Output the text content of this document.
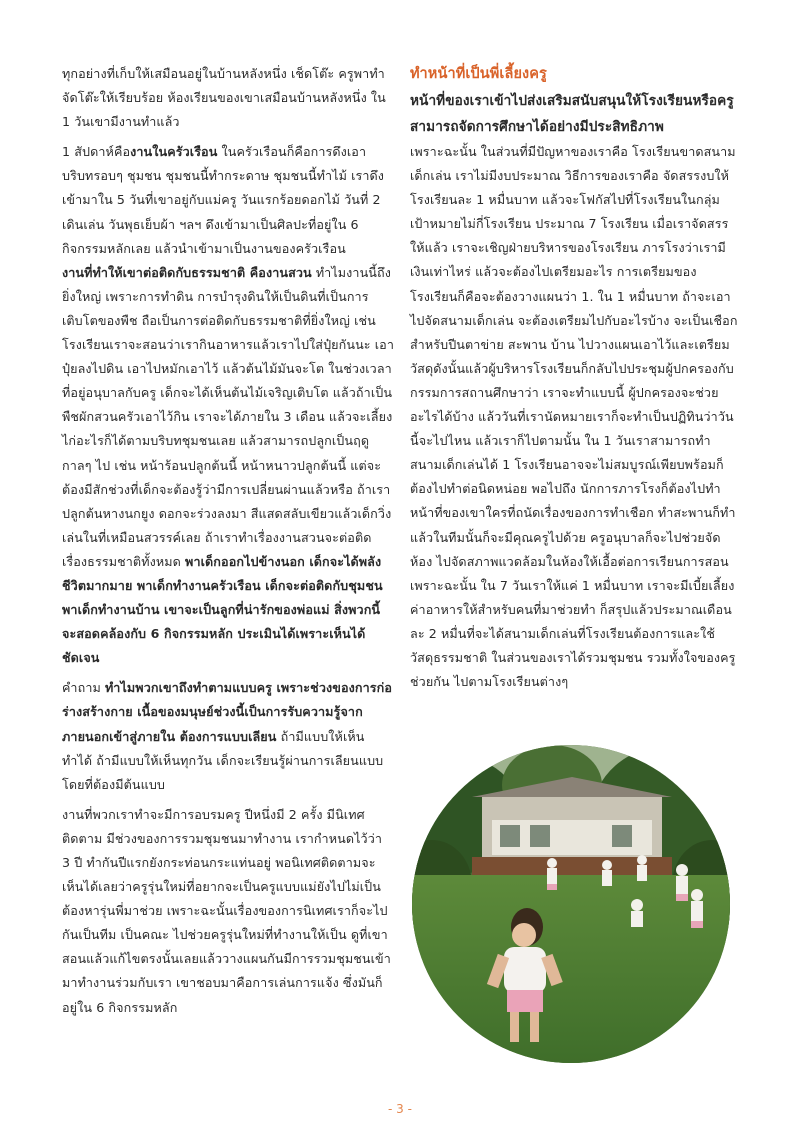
ทุกอย่างที่เก็บให้เสมือนอยู่ในบ้านหลังหนึ่ง เช็ดโต๊ะ ครูพาทำจัดโต๊ะให้เรียบร้อย ห้องเรียนของเขาเสมือนบ้านหลังหนึ่ง ใน 1 วันเขามีงานทำแล้ว

1 สัปดาห์คืองานในครัวเรือน ในครัวเรือนก็คือการดึงเอาบริบทรอบๆ ชุมชน ชุมชนนี้ทำกระดาษ ชุมชนนี้ทำไม้ เราดึงเข้ามาใน 5 วันที่เขาอยู่กับแม่ครู วันแรกร้อยดอกไม้ วันที่ 2 เดินเล่น วันพุธเย็บผ้า ฯลฯ ดึงเข้ามาเป็นศิลปะที่อยู่ใน 6 กิจกรรมหลักเลย แล้วนำเข้ามาเป็นงานของครัวเรือน

งานที่ทำให้เขาต่อติดกับธรรมชาติ คืองานสวน ทำไมงานนี้ถึงยิ่งใหญ่ เพราะการทำดิน การบำรุงดินให้เป็นดินที่เป็นการเติบโตของพืช ถือเป็นการต่อติดกับธรรมชาติที่ยิ่งใหญ่ เช่น โรงเรียนเราจะสอนว่าเรากินอาหารแล้วเราไปใส่ปุ๋ยกันนะ เอาปุ๋ยลงไปดิน เอาไปหมักเอาไว้ แล้วต้นไม้มันจะโต ในช่วงเวลาที่อยู่อนุบาลกับครู เด็กจะได้เห็นต้นไม้เจริญเติบโต แล้วถ้าเป็นพืชผักสวนครัวเอาไว้กิน เราจะได้ภายใน 3 เดือน แล้วจะเลี้ยงไก่อะไรก็ได้ตามบริบทชุมชนเลย แล้วสามารถปลูกเป็นฤดูกาลๆ ไป เช่น หน้าร้อนปลูกต้นนี้ หน้าหนาวปลูกต้นนี้ แต่จะต้องมีสักช่วงที่เด็กจะต้องรู้ว่ามีการเปลี่ยนผ่านแล้วหรือ ถ้าเราปลูกต้นหางนกยูง ดอกจะร่วงลงมา สีแสดสลับเขียวแล้วเด็กวิ่งเล่นในที่เหมือนสวรรค์เลย ถ้าเราทำเรื่องงานสวนจะต่อติดเรื่องธรรมชาติทั้งหมด พาเด็กออกไปข้างนอก เด็กจะได้พลังชีวิตมากมาย พาเด็กทำงานครัวเรือน เด็กจะต่อติดกับชุมชน พาเด็กทำงานบ้าน เขาจะเป็นลูกที่น่ารักของพ่อแม่ สิ่งพวกนี้จะสอดคล้องกับ 6 กิจกรรมหลัก ประเมินได้เพราะเห็นได้ชัดเจน

คำถาม ทำไมพวกเขาถึงทำตามแบบครู เพราะช่วงของการก่อร่างสร้างกาย เนื้อของมนุษย์ช่วงนี้เป็นการรับความรู้จากภายนอกเข้าสู่ภายใน ต้องการแบบเลียน ถ้ามีแบบให้เห็นทำได้ ถ้ามีแบบให้เห็นทุกวัน เด็กจะเรียนรู้ผ่านการเลียนแบบ โดยที่ต้องมีต้นแบบ

งานที่พวกเราทำจะมีการอบรมครู ปีหนึ่งมี 2 ครั้ง มีนิเทศติดตาม มีช่วงของการรวมชุมชนมาทำงาน เรากำหนดไว้ว่า 3 ปี ทำกันปีแรกยังกระท่อนกระแท่นอยู่ พอนิเทศติดตามจะเห็นได้เลยว่าครูรุ่นใหม่ที่อยากจะเป็นครูแบบแม่ยังไปไม่เป็น ต้องหารุ่นพี่มาช่วย เพราะฉะนั้นเรื่องของการนิเทศเราก็จะไปกันเป็นทีม เป็นคณะ ไปช่วยครูรุ่นใหม่ที่ทำงานให้เป็น ดูที่เขาสอนแล้วแก้ไขตรงนั้นเลยแล้ววางแผนกันมีการรวมชุมชนเข้ามาทำงานร่วมกับเรา เขาชอบมาคือการเล่นการแจ้ง ซึ่งมันก็อยู่ใน 6 กิจกรรมหลัก

ทำหน้าที่เป็นพี่เลี้ยงครู

หน้าที่ของเราเข้าไปส่งเสริมสนับสนุนให้โรงเรียนหรือครูสามารถจัดการศึกษาได้อย่างมีประสิทธิภาพ

เพราะฉะนั้น ในส่วนที่มีปัญหาของเราคือ โรงเรียนขาดสนามเด็กเล่น เราไม่มีงบประมาณ วิธีการของเราคือ จัดสรรงบให้โรงเรียนละ 1 หมื่นบาท แล้วจะโฟกัสไปที่โรงเรียนในกลุ่มเป้าหมายไม่กี่โรงเรียน ประมาณ 7 โรงเรียน เมื่อเราจัดสรรให้แล้ว เราจะเชิญฝ่ายบริหารของโรงเรียน ภารโรงว่าเรามีเงินเท่าไหร่ แล้วจะต้องไปเตรียมอะไร การเตรียมของโรงเรียนก็คือจะต้องวางแผนว่า 1. ใน 1 หมื่นบาท ถ้าจะเอาไปจัดสนามเด็กเล่น จะต้องเตรียมไปกับอะไรบ้าง จะเป็นเชือกสำหรับปีนตาข่าย สะพาน บ้าน ไปวางแผนเอาไว้และเตรียมวัสดุดังนั้นแล้วผู้บริหารโรงเรียนก็กลับไปประชุมผู้ปกครองกับกรรมการสถานศึกษาว่า เราจะทำแบบนี้ ผู้ปกครองจะช่วยอะไรได้บ้าง แล้ววันที่เรานัดหมายเราก็จะทำเป็นปฏิทินว่าวันนี้จะไปไหน แล้วเราก็ไปตามนั้น ใน 1 วันเราสามารถทำสนามเด็กเล่นได้ 1 โรงเรียนอาจจะไม่สมบูรณ์เพียบพร้อมก็ต้องไปทำต่อนิดหน่อย พอไปถึง นักการภารโรงก็ต้องไปทำหน้าที่ของเขาใครที่ถนัดเรื่องของการทำเชือก ทำสะพานก็ทำ แล้วในทีมนั้นก็จะมีคุณครูไปด้วย ครูอนุบาลก็จะไปช่วยจัดห้อง ไปจัดสภาพแวดล้อมในห้องให้เอื้อต่อการเรียนการสอน เพราะฉะนั้น ใน 7 วันเราให้แค่ 1 หมื่นบาท เราจะมีเบี้ยเลี้ยงค่าอาหารให้สำหรับคนที่มาช่วยทำ ก็สรุปแล้วประมาณเดือนละ 2 หมื่นที่จะได้สนามเด็กเล่นที่โรงเรียนต้องการและใช้วัสดุธรรมชาติ ในส่วนของเราได้รวมชุมชน รวมทั้งใจของครู ช่วยกัน ไปตามโรงเรียนต่างๆ

- 3 -
